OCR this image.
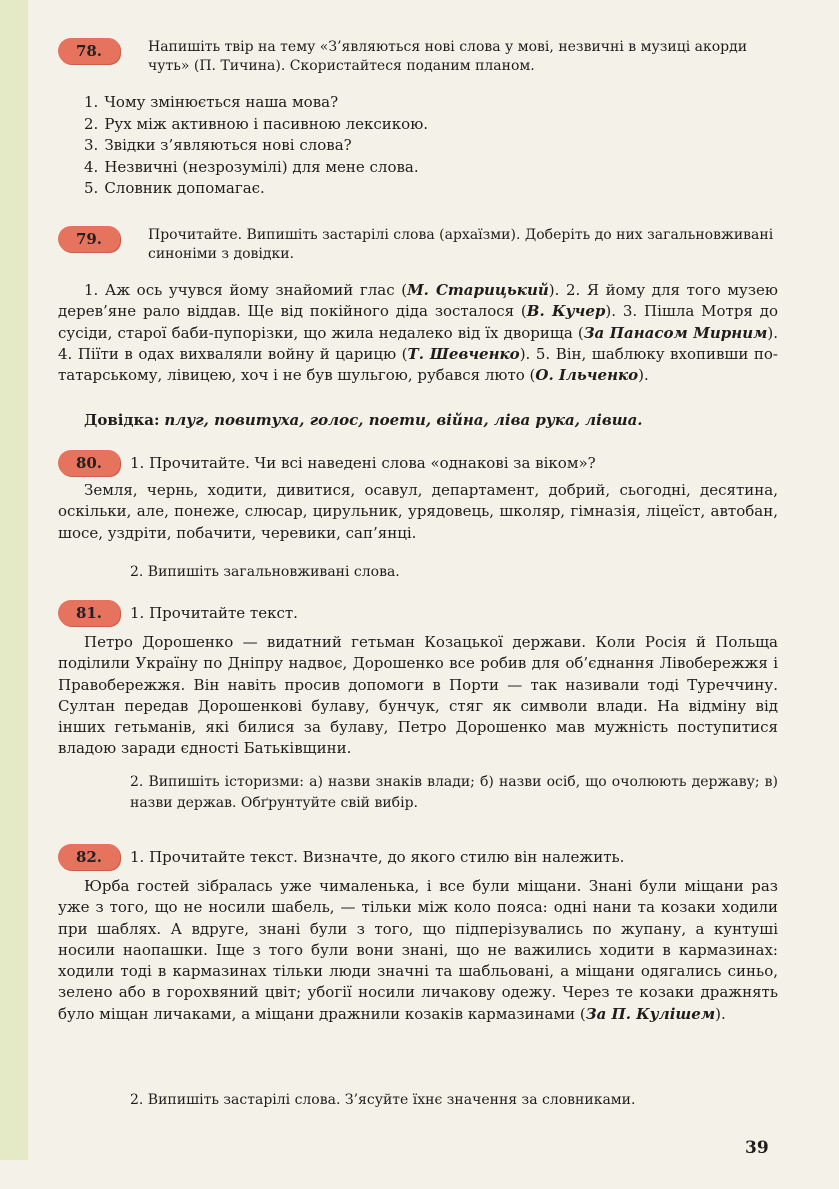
78.	Напишіть твір на тему «З’являються нові слова у мові, незвичні в музиці акорди чуть» (П. Тичина). Скористайтеся поданим планом.
1. Чому змінюється наша мова?
2. Рух між активною і пасивною лексикою.
3. Звідки з’являються нові слова?
4. Незвичні (незрозумілі) для мене слова.
5. Словник допомагає.
79.	Прочитайте. Випишіть застарілі слова (архаїзми). Доберіть до них загальновживані синоніми з довідки.

1. Аж ось учувся йому знайомий глас (М. Старицький). 2. Я йому для того музею дерев’яне рало віддав. Ще від покійного діда зосталося (В. Кучер). 3. Пішла Мотря до сусіди, старої баби-пупорізки, що жила недалеко від їх дворища (За Панасом Мирним). 4. Піїти в одах вихваляли войну й царицю (Т. Шевченко). 5. Він, шаблюку вхопивши по-татарському, лівицею, хоч і не був шульгою, рубався люто (О. Ільченко).

Довідка: плуг, повитуха, голос, поети, війна, ліва рука, лівша.

80.	1. Прочитайте. Чи всі наведені слова «однакові за віком»?

Земля, чернь, ходити, дивитися, осавул, департамент, добрий, сьогодні, десятина, оскільки, але, понеже, слюсар, цирульник, урядовець, школяр, гімназія, ліцеїст, автобан, шосе, уздріти, побачити, черевики, сап’янці.

2. Випишіть загальновживані слова.
81.	1. Прочитайте текст.

Петро Дорошенко — видатний гетьман Козацької держави. Коли Росія й Польща поділили Україну по Дніпру надвоє, Дорошенко все робив для об’єднання Лівобережжя і Правобережжя. Він навіть просив допомоги в Порти — так називали тоді Туреччину. Султан передав Дорошенкові булаву, бунчук, стяг як символи влади. На відміну від інших гетьманів, які билися за булаву, Петро Дорошенко мав мужність поступитися владою заради єдності Батьківщини.

2. Випишіть історизми: а) назви знаків влади; б) назви осіб, що очолюють державу; в) назви держав. Обґрунтуйте свій вибір.
82.	1. Прочитайте текст. Визначте, до якого стилю він належить.

Юрба гостей зібралась уже чималенька, і все були міщани. Знані були міщани раз уже з того, що не носили шабель, — тільки між коло пояса: одні нани та козаки ходили при шаблях. А вдруге, знані були з того, що підперізувались по жупану, а кунтуші носили наопашки. Іще з того були вони знані, що не важились ходити в кармазинах: ходили тоді в кармазинах тільки люди значні та шабльовані, а міщани одягались синьо, зелено або в горохвяний цвіт; убогії носили личакову одежу. Через те козаки дражнять було міщан личаками, а міщани дражнили козаків кармазинами (За П. Кулішем).

2. Випишіть застарілі слова. З’ясуйте їхнє значення за словниками.
39
